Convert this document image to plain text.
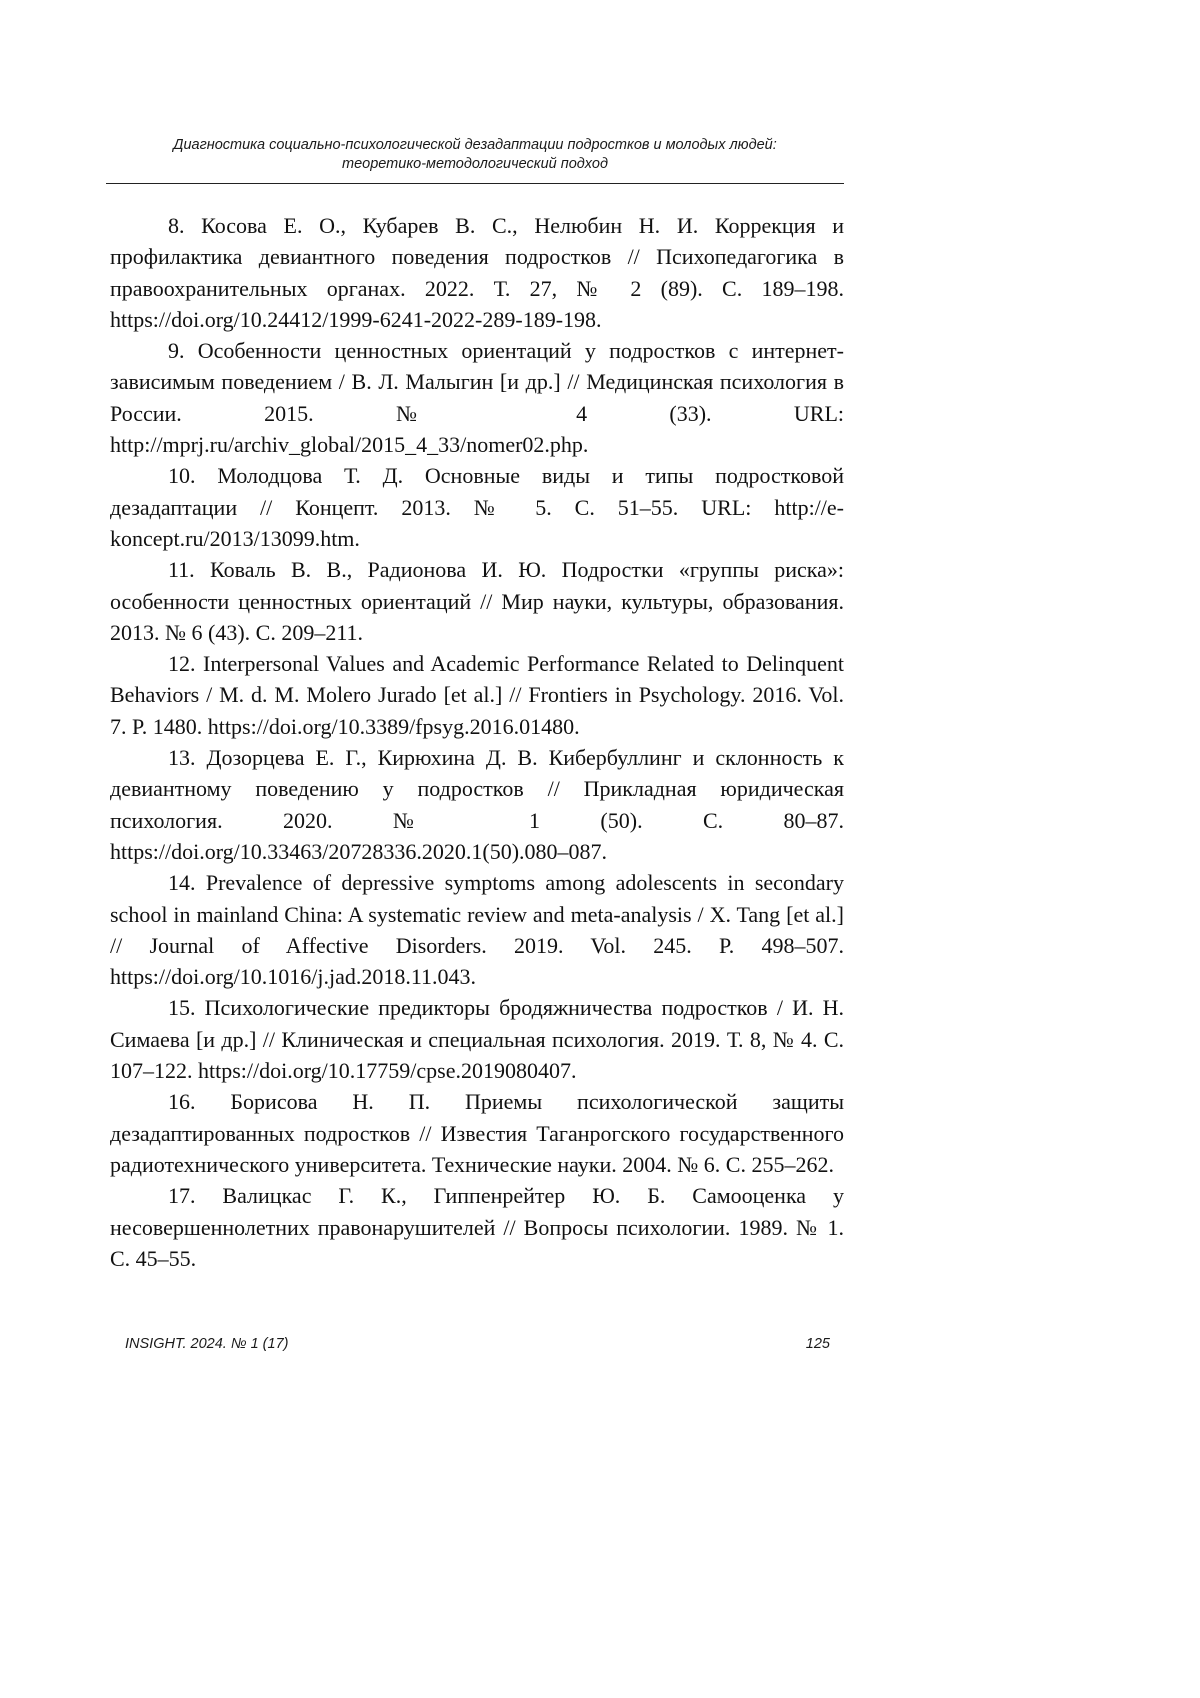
Диагностика социально-психологической дезадаптации подростков и молодых людей:
теоретико-методологический подход

8. Косова Е. О., Кубарев В. С., Нелюбин Н. И. Коррекция и профилактика девиантного поведения подростков // Психопедагогика в правоохранительных органах. 2022. Т. 27, № 2 (89). С. 189–198. https://doi.org/10.24412/1999-6241-2022-289-189-198.

9. Особенности ценностных ориентаций у подростков с интернет-зависимым поведением / В. Л. Малыгин [и др.] // Медицинская психология в России. 2015. № 4 (33). URL: http://mprj.ru/archiv_global/2015_4_33/nomer02.php.

10. Молодцова Т. Д. Основные виды и типы подростковой дезадаптации // Концепт. 2013. № 5. С. 51–55. URL: http://e-koncept.ru/2013/13099.htm.

11. Коваль В. В., Радионова И. Ю. Подростки «группы риска»: особенности ценностных ориентаций // Мир науки, культуры, образования. 2013. № 6 (43). С. 209–211.

12. Interpersonal Values and Academic Performance Related to Delinquent Behaviors / M. d. M. Molero Jurado [et al.] // Frontiers in Psychology. 2016. Vol. 7. P. 1480. https://doi.org/10.3389/fpsyg.2016.01480.

13. Дозорцева Е. Г., Кирюхина Д. В. Кибербуллинг и склонность к девиантному поведению у подростков // Прикладная юридическая психология. 2020. № 1 (50). С. 80–87. https://doi.org/10.33463/20728336.2020.1(50).080–087.

14. Prevalence of depressive symptoms among adolescents in secondary school in mainland China: A systematic review and meta-analysis / X. Tang [et al.] // Journal of Affective Disorders. 2019. Vol. 245. P. 498–507. https://doi.org/10.1016/j.jad.2018.11.043.

15. Психологические предикторы бродяжничества подростков / И. Н. Симаева [и др.] // Клиническая и специальная психология. 2019. Т. 8, № 4. С. 107–122. https://doi.org/10.17759/cpse.2019080407.

16. Борисова Н. П. Приемы психологической защиты дезадаптированных подростков // Известия Таганрогского государственного радиотехнического университета. Технические науки. 2004. № 6. С. 255–262.

17. Валицкас Г. К., Гиппенрейтер Ю. Б. Самооценка у несовершеннолетних правонарушителей // Вопросы психологии. 1989. № 1. С. 45–55.

INSIGHT. 2024. № 1 (17)	125
